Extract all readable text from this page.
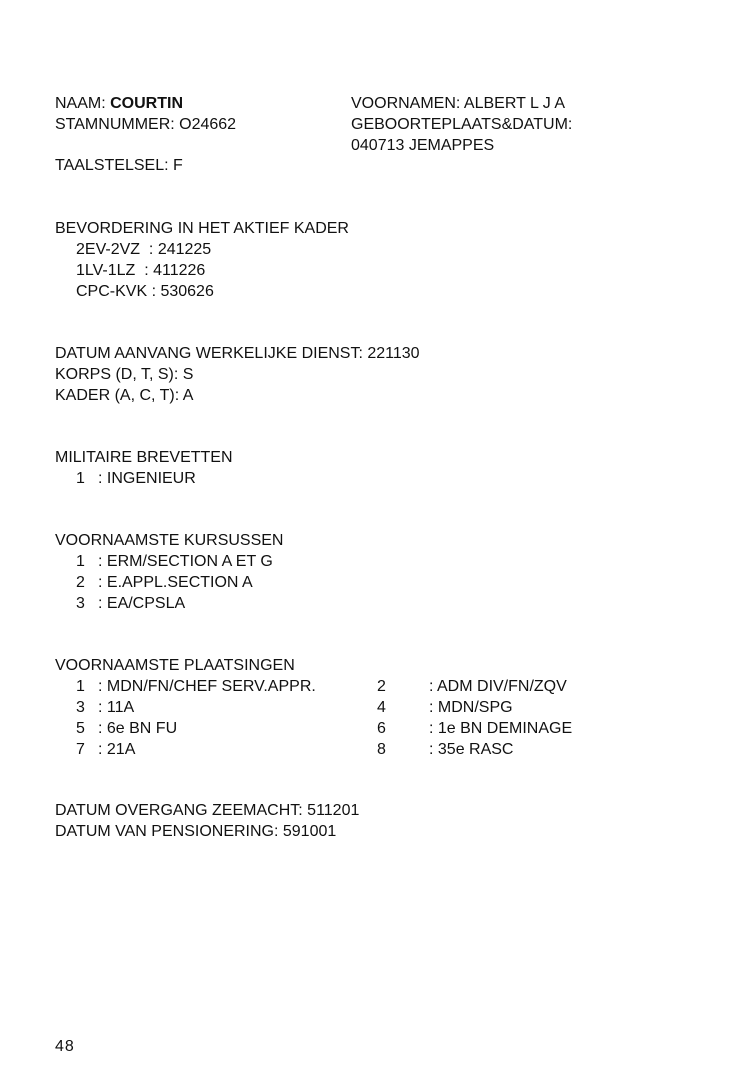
NAAM: COURTIN
STAMNUMMER: O24662
TAALSTELSEL: F
VOORNAMEN: ALBERT L J A
GEBOORTEPLAATS&DATUM:
040713 JEMAPPES
BEVORDERING IN HET AKTIEF KADER
2EV-2VZ  : 241225
1LV-1LZ  : 411226
CPC-KVK : 530626
DATUM AANVANG WERKELIJKE DIENST: 221130
KORPS (D, T, S): S
KADER (A, C, T): A
MILITAIRE BREVETTEN
1 : INGENIEUR
VOORNAAMSTE KURSUSSEN
1 : ERM/SECTION A ET G
2 : E.APPL.SECTION A
3 : EA/CPSLA
VOORNAAMSTE PLAATSINGEN
1 : MDN/FN/CHEF SERV.APPR.	2	: ADM DIV/FN/ZQV
3 : 11A	4	: MDN/SPG
5 : 6e BN FU	6	: 1e BN DEMINAGE
7 : 21A	8	: 35e RASC
DATUM OVERGANG ZEEMACHT: 511201
DATUM VAN PENSIONERING: 591001
48
